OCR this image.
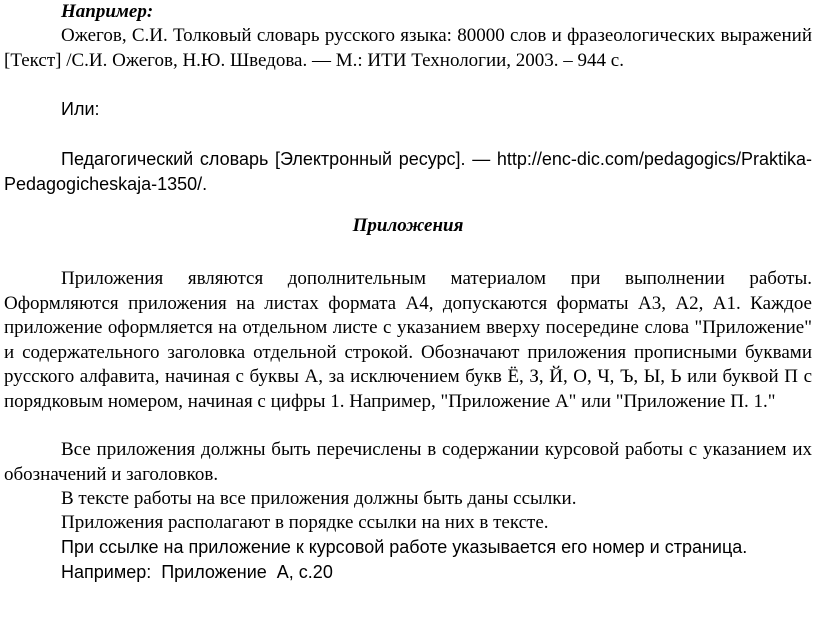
Например:

Ожегов, С.И. Толковый словарь русского языка: 80000 слов и фразеологических выражений [Текст] /С.И. Ожегов, Н.Ю. Шведова. — М.: ИТИ Технологии, 2003. – 944 с.

Или:

Педагогический словарь [Электронный ресурс]. — http://enc-dic.com/pedagogics/Praktika-Pedagogicheskaja-1350/.

Приложения

Приложения являются дополнительным материалом при выполнении работы. Оформляются приложения на листах формата А4, допускаются форматы А3, А2, А1. Каждое приложение оформляется на отдельном листе с указанием вверху посередине слова "Приложение" и содержательного заголовка отдельной строкой. Обозначают приложения прописными буквами русского алфавита, начиная с буквы А, за исключением букв Ё, З, Й, О, Ч, Ъ, Ы, Ь или буквой П с порядковым номером, начиная с цифры 1. Например, "Приложение А" или "Приложение П. 1."

Все приложения должны быть перечислены в содержании курсовой работы с указанием их обозначений и заголовков.

В тексте работы на все приложения должны быть даны ссылки.

Приложения располагают в порядке ссылки на них в тексте.

При ссылке на приложение к курсовой работе указывается его номер и страница.

Например:  Приложение  А, с.20
